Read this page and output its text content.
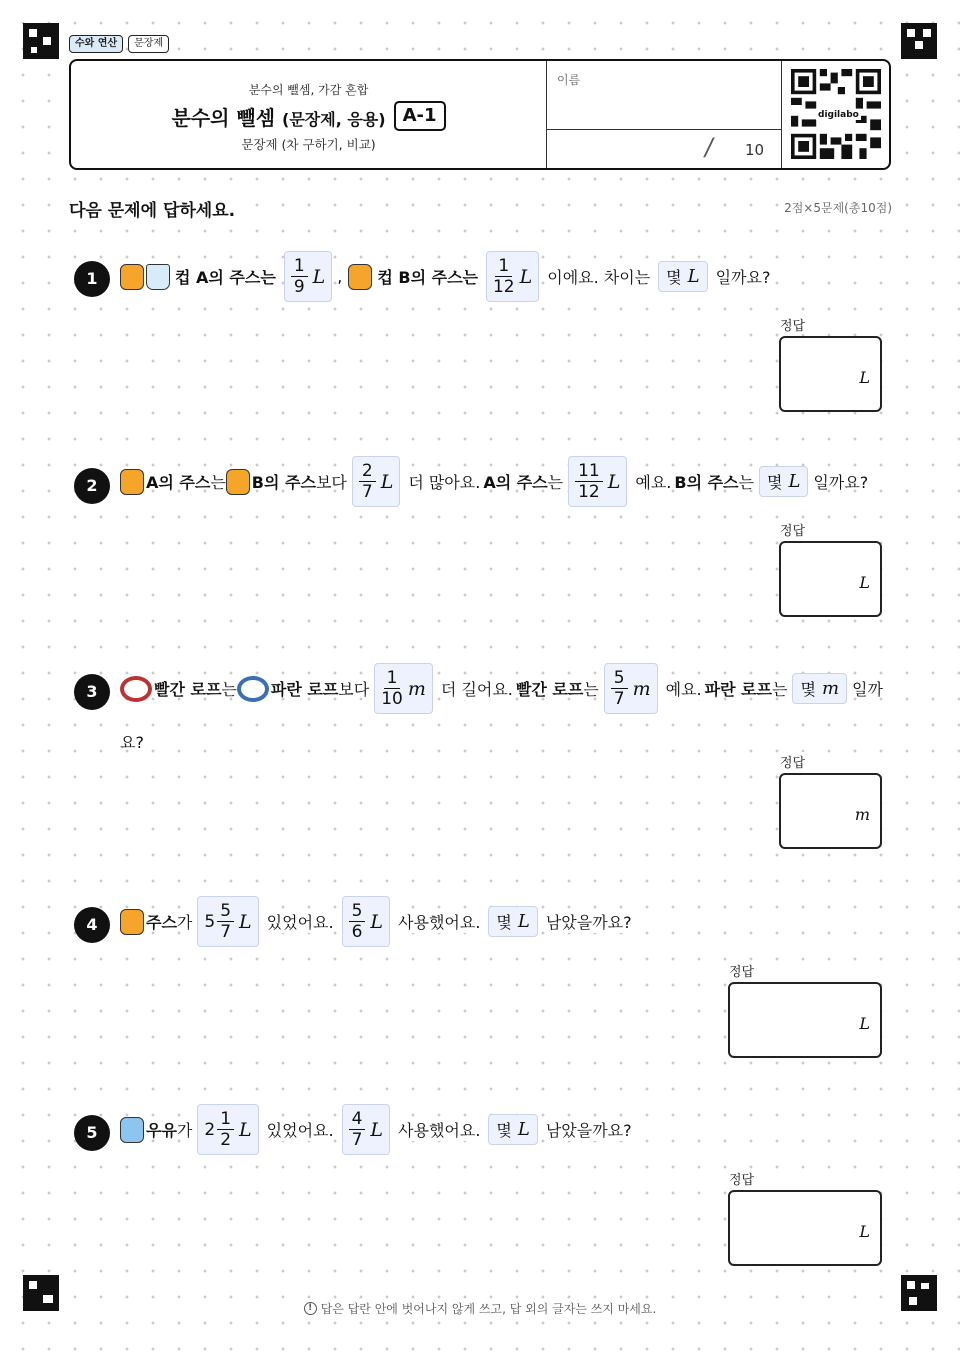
수와 연산	문장제
분수의 뺄셈, 가감 혼합
분수의 뺄셈 (문장제, 응용) A-1
문장제 (차 구하기, 비교)
이름
/ 10
digilabo
다음 문제에 답하세요.	2점×5문제(총10점)
1	컵 A의 주스는
1
9 L , 컵 B의 주스는
1
12 L 이에요. 차이는 몇 L 일까요?
정답
L
2	A의 주스 는 B의 주스 보다
2
7 L 더 많아요. A의 주스 는
11
12 L 예요. B의 주스 는 몇 L 일까요?
정답
L
3	빨간 로프 는 파란 로프 보다
1
10 m 더 길어요. 빨간 로프 는
5
7 m 예요. 파란 로프 는 몇 m 일까
요?
정답
m
4	주스 가 5
5
7 L 있었어요.
5
6 L 사용했어요. 몇 L 남았을까요?
정답
L
5	우유 가 2
1
2 L 있었어요.
4
7 L 사용했어요. 몇 L 남았을까요?
정답
L
! 답은 답란 안에 벗어나지 않게 쓰고, 답 외의 글자는 쓰지 마세요.
